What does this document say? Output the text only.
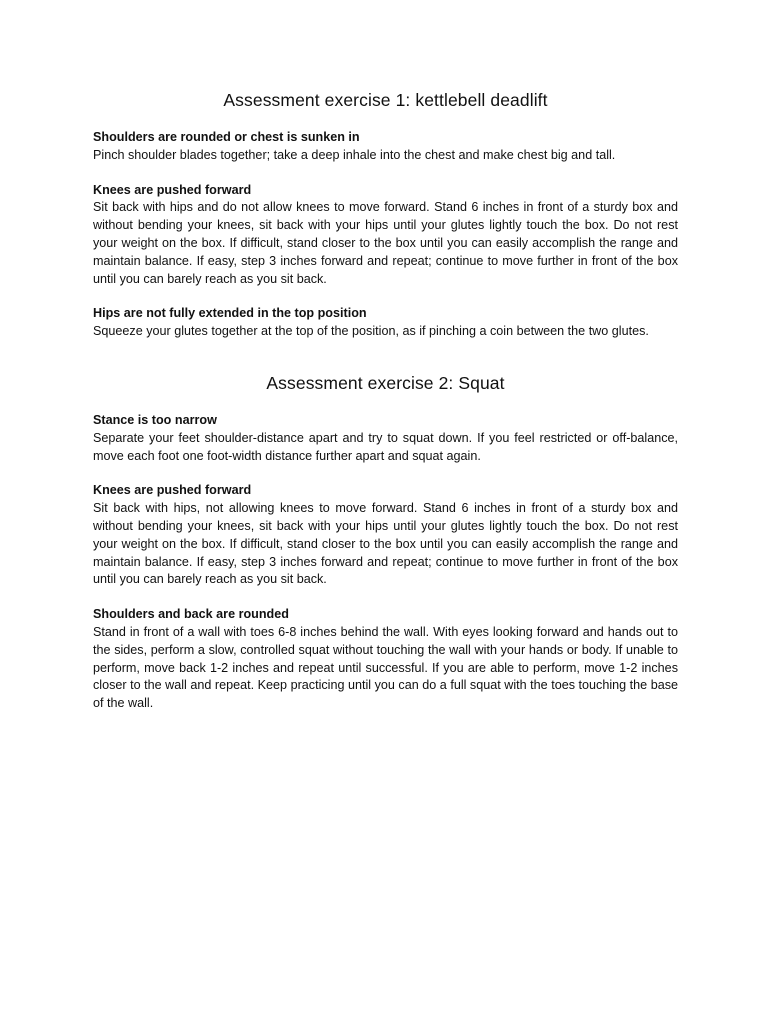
Assessment exercise 1: kettlebell deadlift

Shoulders are rounded or chest is sunken in

Pinch shoulder blades together; take a deep inhale into the chest and make chest big and tall.

Knees are pushed forward

Sit back with hips and do not allow knees to move forward. Stand 6 inches in front of a sturdy box and without bending your knees, sit back with your hips until your glutes lightly touch the box. Do not rest your weight on the box. If difficult, stand closer to the box until you can easily accomplish the range and maintain balance. If easy, step 3 inches forward and repeat; continue to move further in front of the box until you can barely reach as you sit back.

Hips are not fully extended in the top position

Squeeze your glutes together at the top of the position, as if pinching a coin between the two glutes.

Assessment exercise 2: Squat

Stance is too narrow

Separate your feet shoulder-distance apart and try to squat down. If you feel restricted or off-balance, move each foot one foot-width distance further apart and squat again.

Knees are pushed forward

Sit back with hips, not allowing knees to move forward. Stand 6 inches in front of a sturdy box and without bending your knees, sit back with your hips until your glutes lightly touch the box. Do not rest your weight on the box. If difficult, stand closer to the box until you can easily accomplish the range and maintain balance. If easy, step 3 inches forward and repeat; continue to move further in front of the box until you can barely reach as you sit back.

Shoulders and back are rounded

Stand in front of a wall with toes 6-8 inches behind the wall. With eyes looking forward and hands out to the sides, perform a slow, controlled squat without touching the wall with your hands or body. If unable to perform, move back 1-2 inches and repeat until successful. If you are able to perform, move 1-2 inches closer to the wall and repeat. Keep practicing until you can do a full squat with the toes touching the base of the wall.
